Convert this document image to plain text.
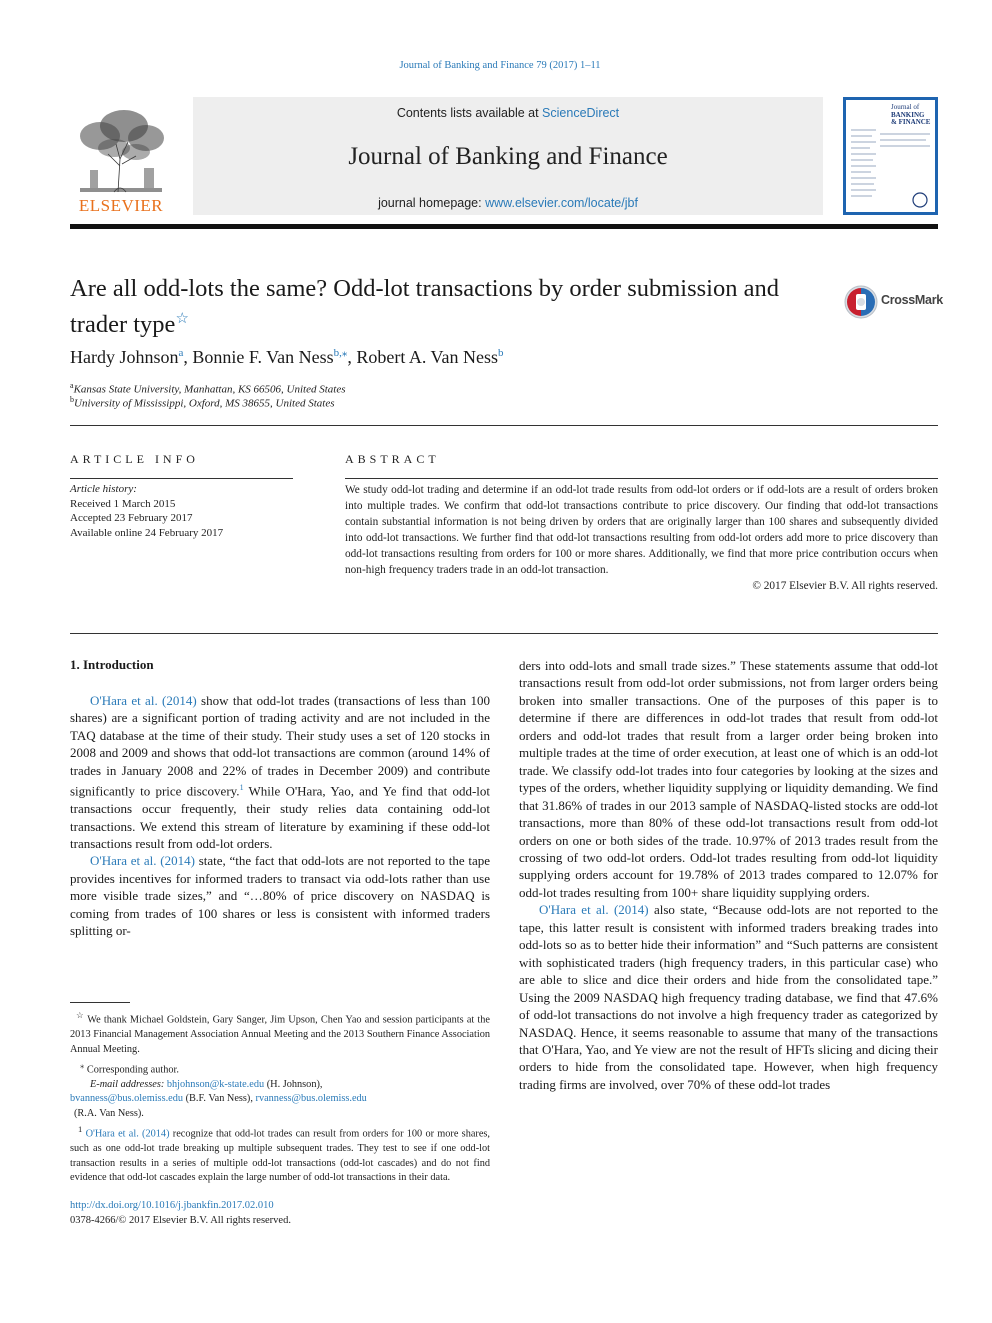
Journal of Banking and Finance 79 (2017) 1–11
ELSEVIER
Contents lists available at ScienceDirect
Journal of Banking and Finance
journal homepage: www.elsevier.com/locate/jbf
Journal of
BANKING
& FINANCE
Are all odd-lots the same? Odd-lot transactions by order submission and trader type☆
CrossMark
Hardy Johnson$^a$, Bonnie F. Van Ness$^{b,⁎}$, Robert A. Van Ness$^b$
$^a$Kansas State University, Manhattan, KS 66506, United States
$^b$University of Mississippi, Oxford, MS 38655, United States
ARTICLE INFO	ABSTRACT
Article history:
Received 1 March 2015
Accepted 23 February 2017
Available online 24 February 2017
We study odd-lot trading and determine if an odd-lot trade results from odd-lot orders or if odd-lots are a result of orders broken into multiple trades. We confirm that odd-lot transactions contribute to price discovery. Our finding that odd-lot transactions contain substantial information is not being driven by orders that are originally larger than 100 shares and subsequently divided into odd-lot transactions. We further find that odd-lot transactions resulting from odd-lot orders add more to price discovery than odd-lot transactions resulting from orders for 100 or more shares. Additionally, we find that more price contribution occurs when non-high frequency traders trade in an odd-lot transaction.
© 2017 Elsevier B.V. All rights reserved.
1. Introduction

O'Hara et al. (2014) show that odd-lot trades (transactions of less than 100 shares) are a significant portion of trading activity and are not included in the TAQ database at the time of their study. Their study uses a set of 120 stocks in 2008 and 2009 and shows that odd-lot transactions are common (around 14% of trades in January 2008 and 22% of trades in December 2009) and contribute significantly to price discovery.$^1$ While O'Hara, Yao, and Ye find that odd-lot transactions occur frequently, their study relies data containing odd-lot transactions. We extend this stream of literature by examining if these odd-lot transactions result from odd-lot orders.

O'Hara et al. (2014) state, “the fact that odd-lots are not reported to the tape provides incentives for informed traders to transact via odd-lots rather than use more visible trade sizes,” and “…80% of price discovery on NASDAQ is coming from trades of 100 shares or less is consistent with informed traders splitting or-

ders into odd-lots and small trade sizes.” These statements assume that odd-lot transactions result from odd-lot order submissions, not from larger orders being broken into smaller transactions. One of the purposes of this paper is to determine if there are differences in odd-lot trades that result from odd-lot orders and odd-lot trades that result from a larger order being broken into multiple trades at the time of order execution, at least one of which is an odd-lot trade. We classify odd-lot trades into four categories by looking at the sizes and types of the orders, whether liquidity supplying or liquidity demanding. We find that 31.86% of trades in our 2013 sample of NASDAQ-listed stocks are odd-lot transactions, more than 80% of these odd-lot transactions result from odd-lot orders on one or both sides of the trade. 10.97% of 2013 trades result from the crossing of two odd-lot orders. Odd-lot trades resulting from odd-lot liquidity supplying orders account for 19.78% of 2013 trades compared to 12.07% for odd-lot trades resulting from 100+ share liquidity supplying orders.

O'Hara et al. (2014) also state, “Because odd-lots are not reported to the tape, this latter result is consistent with informed traders breaking trades into odd-lots so as to better hide their information” and “Such patterns are consistent with sophisticated traders (high frequency traders, in this particular case) who are able to slice and dice their orders and hide from the consolidated tape.” Using the 2009 NASDAQ high frequency trading database, we find that 47.6% of odd-lot transactions do not involve a high frequency trader as categorized by NASDAQ. Hence, it seems reasonable to assume that many of the transactions that O'Hara, Yao, and Ye view are not the result of HFTs slicing and dicing their orders to hide from the consolidated tape. However, when high frequency trading firms are involved, over 70% of these odd-lot trades

☆ We thank Michael Goldstein, Gary Sanger, Jim Upson, Chen Yao and session participants at the 2013 Financial Management Association Annual Meeting and the 2013 Southern Finance Association Annual Meeting.

⁎ Corresponding author.

E-mail addresses: bhjohnson@k-state.edu (H. Johnson),

bvanness@bus.olemiss.edu (B.F. Van Ness), rvanness@bus.olemiss.edu

(R.A. Van Ness).

$^1$ O'Hara et al. (2014) recognize that odd-lot trades can result from orders for 100 or more shares, such as one odd-lot trade breaking up multiple subsequent trades. They test to see if one odd-lot transaction results in a series of multiple odd-lot transactions (odd-lot cascades) and do not find evidence that odd-lot cascades explain the large number of odd-lot transactions in their data.

http://dx.doi.org/10.1016/j.jbankfin.2017.02.010
0378-4266/© 2017 Elsevier B.V. All rights reserved.
